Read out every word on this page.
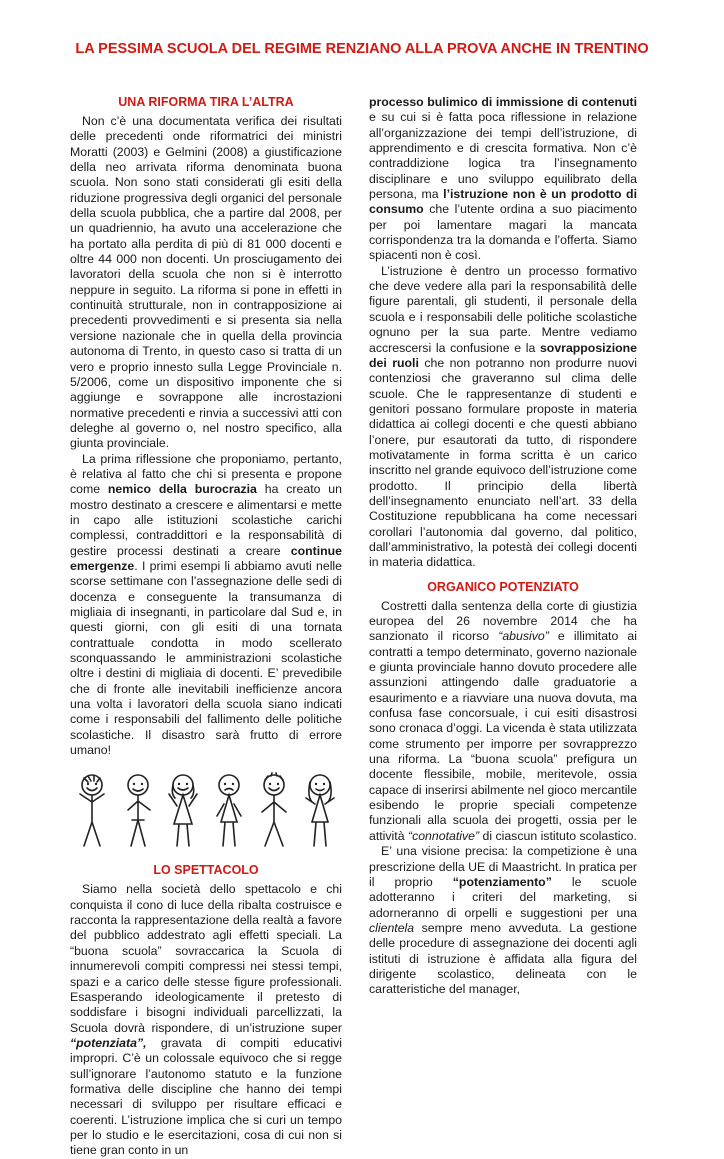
LA PESSIMA SCUOLA DEL REGIME RENZIANO ALLA PROVA ANCHE IN TRENTINO
UNA RIFORMA TIRA L’ALTRA

Non c’è una documentata verifica dei risultati delle precedenti onde riformatrici dei ministri Moratti (2003) e Gelmini (2008) a giustificazione della neo arrivata riforma denominata buona scuola. Non sono stati considerati gli esiti della riduzione progressiva degli organici del personale della scuola pubblica, che a partire dal 2008, per un quadriennio, ha avuto una accelerazione che ha portato alla perdita di più di 81 000 docenti e oltre 44 000 non docenti. Un prosciugamento dei lavoratori della scuola che non si è interrotto neppure in seguito. La riforma si pone in effetti in continuità strutturale, non in contrapposizione ai precedenti provvedimenti e si presenta sia nella versione nazionale che in quella della provincia autonoma di Trento, in questo caso si tratta di un vero e proprio innesto sulla Legge Provinciale n. 5/2006, come un dispositivo imponente che si aggiunge e sovrappone alle incrostazioni normative precedenti e rinvia a successivi atti con deleghe al governo o, nel nostro specifico, alla giunta provinciale.

La prima riflessione che proponiamo, pertanto, è relativa al fatto che chi si presenta e propone come nemico della burocrazia ha creato un mostro destinato a crescere e alimentarsi e mette in capo alle istituzioni scolastiche carichi complessi, contraddittori e la responsabilità di gestire processi destinati a creare continue emergenze. I primi esempi li abbiamo avuti nelle scorse settimane con l’assegnazione delle sedi di docenza e conseguente la transumanza di migliaia di insegnanti, in particolare dal Sud e, in questi giorni, con gli esiti di una tornata contrattuale condotta in modo scellerato sconquassando le amministrazioni scolastiche oltre i destini di migliaia di docenti. E’ prevedibile che di fronte alle inevitabili inefficienze ancora una volta i lavoratori della scuola siano indicati come i responsabili del fallimento delle politiche scolastiche. Il disastro sarà frutto di errore umano!

LO SPETTACOLO

Siamo nella società dello spettacolo e chi conquista il cono di luce della ribalta costruisce e racconta la rappresentazione della realtà a favore del pubblico addestrato agli effetti speciali. La “buona scuola” sovraccarica la Scuola di innumerevoli compiti compressi nei stessi tempi, spazi e a carico delle stesse figure professionali. Esasperando ideologicamente il pretesto di soddisfare i bisogni individuali parcellizzati, la Scuola dovrà rispondere, di un’istruzione super “potenziata”, gravata di compiti educativi impropri. C’è un colossale equivoco che si regge sull’ignorare l’autonomo statuto e la funzione formativa delle discipline che hanno dei tempi necessari di sviluppo per risultare efficaci e coerenti. L’istruzione implica che si curi un tempo per lo studio e le esercitazioni, cosa di cui non si tiene gran conto in un

processo bulimico di immissione di contenuti e su cui si è fatta poca riflessione in relazione all’organizzazione dei tempi dell’istruzione, di apprendimento e di crescita formativa. Non c’è contraddizione logica tra l’insegnamento disciplinare e uno sviluppo equilibrato della persona, ma l’istruzione non è un prodotto di consumo che l’utente ordina a suo piacimento per poi lamentare magari la mancata corrispondenza tra la domanda e l’offerta. Siamo spiacenti non è così.

L’istruzione è dentro un processo formativo che deve vedere alla pari la responsabilità delle figure parentali, gli studenti, il personale della scuola e i responsabili delle politiche scolastiche ognuno per la sua parte. Mentre vediamo accrescersi la confusione e la sovrapposizione dei ruoli che non potranno non produrre nuovi contenziosi che graveranno sul clima delle scuole. Che le rappresentanze di studenti e genitori possano formulare proposte in materia didattica ai collegi docenti e che questi abbiano l’onere, pur esautorati da tutto, di rispondere motivatamente in forma scritta è un carico inscritto nel grande equivoco dell’istruzione come prodotto. Il principio della libertà dell’insegnamento enunciato nell’art. 33 della Costituzione repubblicana ha come necessari corollari l’autonomia dal governo, dal politico, dall’amministrativo, la potestà dei collegi docenti in materia didattica.

ORGANICO POTENZIATO

Costretti dalla sentenza della corte di giustizia europea del 26 novembre 2014 che ha sanzionato il ricorso “abusivo” e illimitato ai contratti a tempo determinato, governo nazionale e giunta provinciale hanno dovuto procedere alle assunzioni attingendo dalle graduatorie a esaurimento e a riavviare una nuova dovuta, ma confusa fase concorsuale, i cui esiti disastrosi sono cronaca d’oggi. La vicenda è stata utilizzata come strumento per imporre per sovrapprezzo una riforma. La “buona scuola” prefigura un docente flessibile, mobile, meritevole, ossia capace di inserirsi abilmente nel gioco mercantile esibendo le proprie speciali competenze funzionali alla scuola dei progetti, ossia per le attività “connotative” di ciascun istituto scolastico.

E’ una visione precisa: la competizione è una prescrizione della UE di Maastricht. In pratica per il proprio “potenziamento” le scuole adotteranno i criteri del marketing, si adorneranno di orpelli e suggestioni per una clientela sempre meno avveduta. La gestione delle procedure di assegnazione dei docenti agli istituti di istruzione è affidata alla figura del dirigente scolastico, delineata con le caratteristiche del manager,
